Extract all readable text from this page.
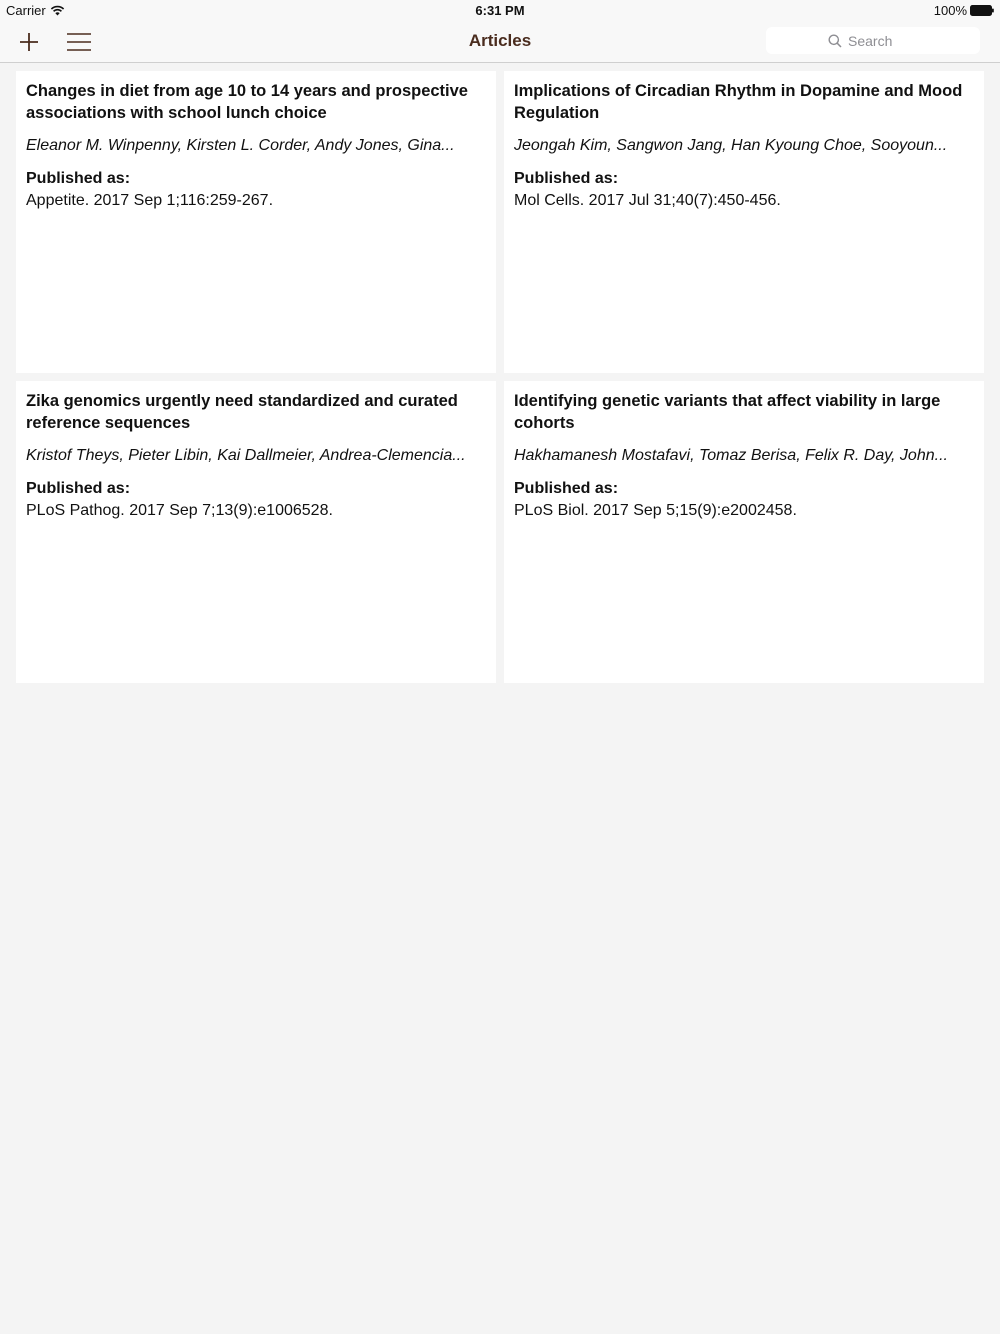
Carrier	6:31 PM	100%
Articles
Search
Changes in diet from age 10 to 14 years and prospective associations with school lunch choice
Eleanor M. Winpenny, Kirsten L. Corder, Andy Jones, Gina...
Published as:
Appetite. 2017 Sep 1;116:259-267.
Implications of Circadian Rhythm in Dopamine and Mood Regulation
Jeongah Kim, Sangwon Jang, Han Kyoung Choe, Sooyoun...
Published as:
Mol Cells. 2017 Jul 31;40(7):450-456.
Zika genomics urgently need standardized and curated reference sequences
Kristof Theys, Pieter Libin, Kai Dallmeier, Andrea-Clemencia...
Published as:
PLoS Pathog. 2017 Sep 7;13(9):e1006528.
Identifying genetic variants that affect viability in large cohorts
Hakhamanesh Mostafavi, Tomaz Berisa, Felix R. Day, John...
Published as:
PLoS Biol. 2017 Sep 5;15(9):e2002458.
